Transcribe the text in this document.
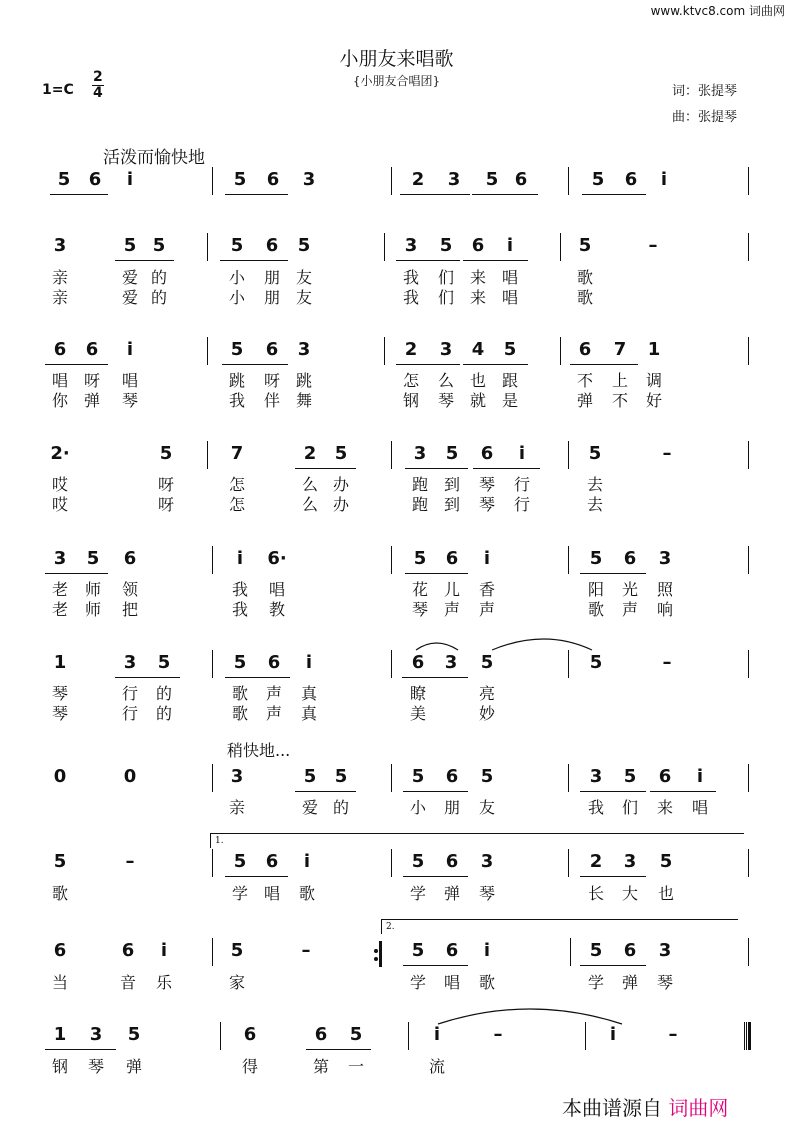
www.ktvc8.com 词曲网
小朋友来唱歌
{小朋友合唱团}
1=C
2
4	词：张提琴
曲：张提琴
活泼而愉快地
稍快地...
5	6	i	5	6	3	2	3	5 6	5	6	i
3	5 5	5	6	5	3	5	6	i	5	–
亲	爱 的	小 朋 友	我 们 来 唱	歌
亲	爱 的	小 朋 友	我 们 来 唱	歌
6	6	i	5	6	3	2	3	4	5	6	7	1
唱 呀 唱	跳 呀 跳	怎 么 也 跟	不 上 调
你 弹 琴	我 伴 舞	钢 琴 就 是	弹 不 好
2·	5	7	2	5	3	5	6	i	5	–
哎	呀	怎	么 办	跑 到 琴 行	去
哎	呀	怎	么 办	跑 到 琴 行	去
3	5	6	i	6·	5	6	i	5	6	3
老 师 领	我 唱	花 儿 香	阳 光 照
老 师 把	我 教	琴 声 声	歌 声 响
1	3	5	5	6	i	6	3	5	5	–
琴	行 的	歌 声 真	瞭	亮
琴	行 的	歌 声 真	美	妙
0	0	3	5	5	5	6	5	3	5	6	i
亲	爱 的	小 朋 友	我 们 来 唱
5	–	5	6	i	5	6	3	2	3	5
歌	学 唱 歌	学 弹 琴	长 大 也
6	6	i	5	–	5	6	i	5	6	3
当	音 乐	家	学 唱 歌	学 弹 琴
1	3	5	6	6	5	i	–	i	–
钢 琴 弹	得	第 一	流
1.
2.
本曲谱源自 词曲网
